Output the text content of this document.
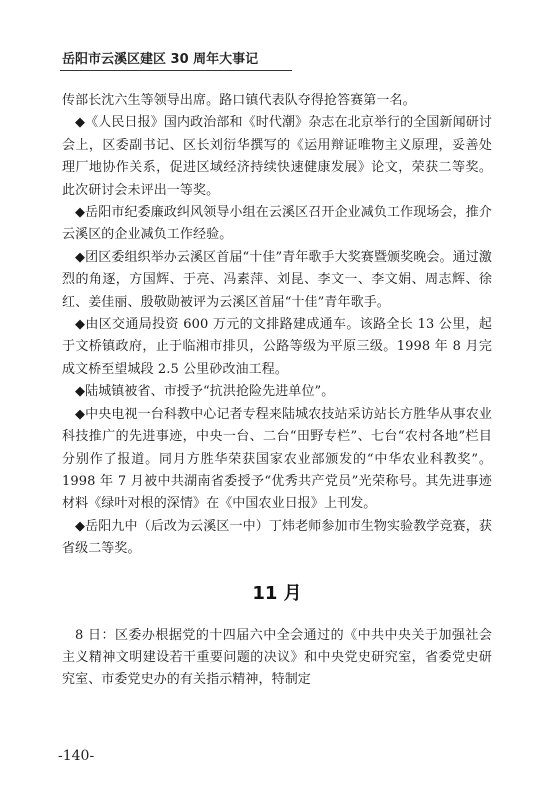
岳阳市云溪区建区 30 周年大事记

传部长沈六生等领导出席。路口镇代表队夺得抢答赛第一名。

◆《人民日报》国内政治部和《时代潮》杂志在北京举行的全国新闻研讨会上，区委副书记、区长刘衍华撰写的《运用辩证唯物主义原理，妥善处理厂地协作关系，促进区域经济持续快速健康发展》论文，荣获二等奖。此次研讨会未评出一等奖。

◆岳阳市纪委廉政纠风领导小组在云溪区召开企业减负工作现场会，推介云溪区的企业减负工作经验。

◆团区委组织举办云溪区首届“十佳”青年歌手大奖赛暨颁奖晚会。通过激烈的角逐，方国辉、于亮、冯素萍、刘昆、李文一、李文娟、周志辉、徐红、姜佳丽、殷敬勋被评为云溪区首届“十佳”青年歌手。

◆由区交通局投资 600 万元的文排路建成通车。该路全长 13 公里，起于文桥镇政府，止于临湘市排贝，公路等级为平原三级。1998 年 8 月完成文桥至望城段 2.5 公里砂改油工程。

◆陆城镇被省、市授予“抗洪抢险先进单位”。

◆中央电视一台科教中心记者专程来陆城农技站采访站长方胜华从事农业科技推广的先进事迹，中央一台、二台“田野专栏”、七台“农村各地”栏目分别作了报道。同月方胜华荣获国家农业部颁发的“中华农业科教奖”。1998 年 7 月被中共湖南省委授予“优秀共产党员”光荣称号。其先进事迹材料《绿叶对根的深情》在《中国农业日报》上刊发。

◆岳阳九中（后改为云溪区一中）丁炜老师参加市生物实验教学竞赛，获省级二等奖。

11 月

8 日：区委办根据党的十四届六中全会通过的《中共中央关于加强社会主义精神文明建设若干重要问题的决议》和中央党史研究室，省委党史研究室、市委党史办的有关指示精神，特制定

-140-
